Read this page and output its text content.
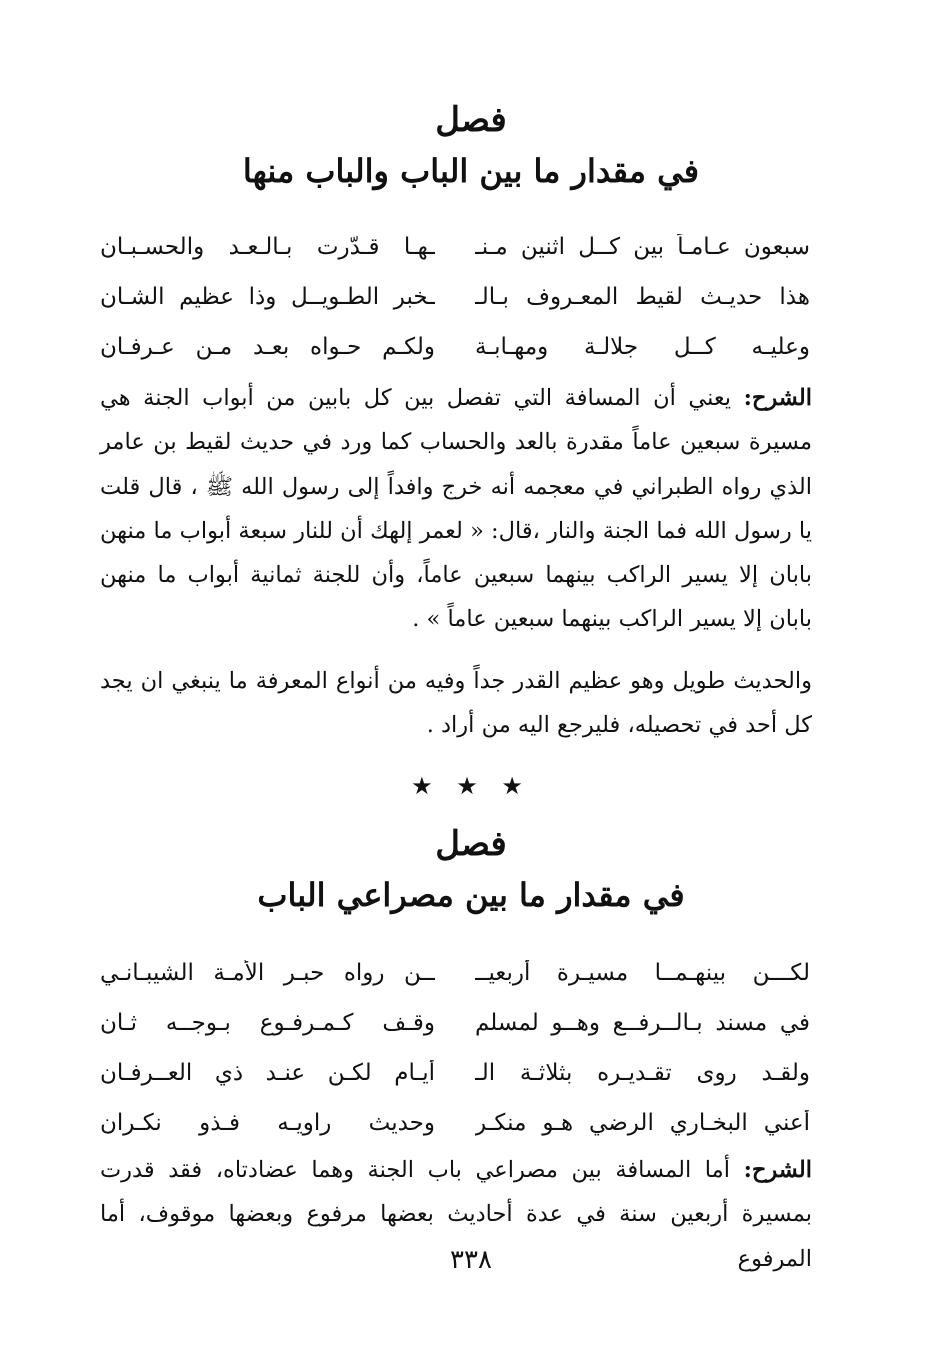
فصل
في مقدار ما بين الباب والباب منها
سبعون عـامـاً بين كــل اثنين مـنـ
ـهـا قـدّرت بـالـعـد والحسـبـان
هذا حديـث لقيط المعـروف بـالـ
ـخبر الطـويــل وذا عظيم الشـان
وعليـه كــل جلالـة ومهـابـة
ولكـم حـواه بعـد مـن عـرفـان

الشرح: يعني أن المسافة التي تفصل بين كل بابين من أبواب الجنة هي مسيرة سبعين عاماً مقدرة بالعد والحساب كما ورد في حديث لقيط بن عامر الذي رواه الطبراني في معجمه أنه خرج وافداً إلى رسول الله ﷺ ، قال قلت يا رسول الله فما الجنة والنار ،قال: « لعمر إلهك أن للنار سبعة أبواب ما منهن بابان إلا يسير الراكب بينهما سبعين عاماً، وأن للجنة ثمانية أبواب ما منهن بابان إلا يسير الراكب بينهما سبعين عاماً » .

والحديث طويل وهو عظيم القدر جداً وفيه من أنواع المعرفة ما ينبغي ان يجد كل أحد في تحصيله، فليرجع اليه من أراد .

★ ★ ★
فصل
في مقدار ما بين مصراعي الباب
لكـــن بينهـمــا مسيـرة أربعيــ
ــن رواه حبـر الأمـة الشيبـانـي
في مسند بـالــرفــع وهــو لمسلم
وقـف كـمـرفـوع بـوجــه ثـان
ولقـد روى تقـديـره بثلاثـة الـ
أيـام لكـن عنـد ذي العــرفـان
أعني البخـاري الرضي هـو منكـر
وحديث راويـه فـذو نكـران

الشرح: أما المسافة بين مصراعي باب الجنة وهما عضادتاه، فقد قدرت بمسيرة أربعين سنة في عدة أحاديث بعضها مرفوع وبعضها موقوف، أما المرفوع

٣٣٨
